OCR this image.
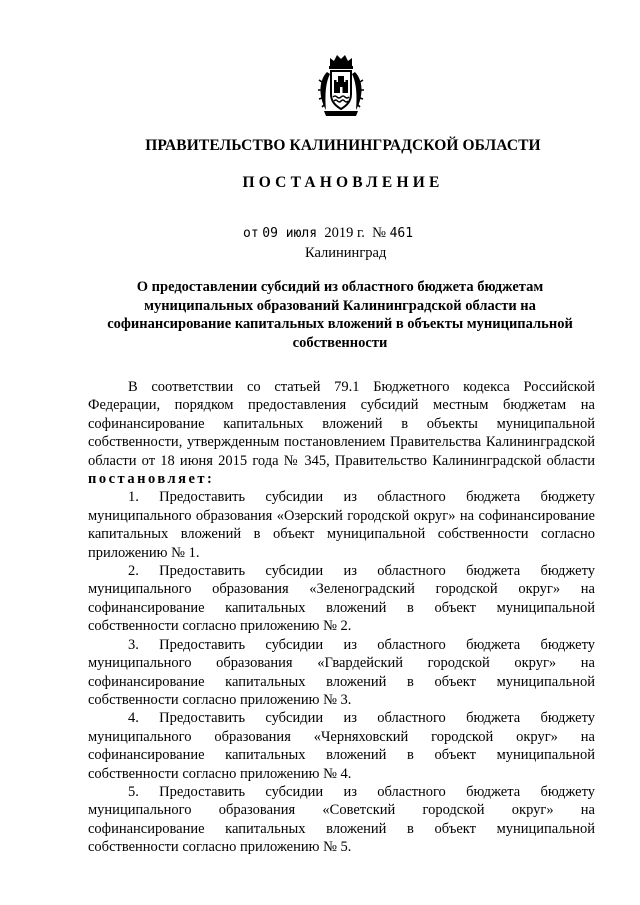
ПРАВИТЕЛЬСТВО КАЛИНИНГРАДСКОЙ ОБЛАСТИ
ПОСТАНОВЛЕНИЕ
от 09 июля 2019 г. № 461
Калининград
О предоставлении субсидий из областного бюджета бюджетам муниципальных образований Калининградской области на софинансирование капитальных вложений в объекты муниципальной собственности

В соответствии со статьей 79.1 Бюджетного кодекса Российской Федерации, порядком предоставления субсидий местным бюджетам на софинансирование капитальных вложений в объекты муниципальной собственности, утвержденным постановлением Правительства Калининградской области от 18 июня 2015 года № 345, Правительство Калининградской области постановляет:

1. Предоставить субсидии из областного бюджета бюджету муниципального образования «Озерский городской округ» на софинансирование капитальных вложений в объект муниципальной собственности согласно приложению № 1.

2. Предоставить субсидии из областного бюджета бюджету муниципального образования «Зеленоградский городской округ» на софинансирование капитальных вложений в объект муниципальной собственности согласно приложению № 2.

3. Предоставить субсидии из областного бюджета бюджету муниципального образования «Гвардейский городской округ» на софинансирование капитальных вложений в объект муниципальной собственности согласно приложению № 3.

4. Предоставить субсидии из областного бюджета бюджету муниципального образования «Черняховский городской округ» на софинансирование капитальных вложений в объект муниципальной собственности согласно приложению № 4.

5. Предоставить субсидии из областного бюджета бюджету муниципального образования «Советский городской округ» на софинансирование капитальных вложений в объект муниципальной собственности согласно приложению № 5.
